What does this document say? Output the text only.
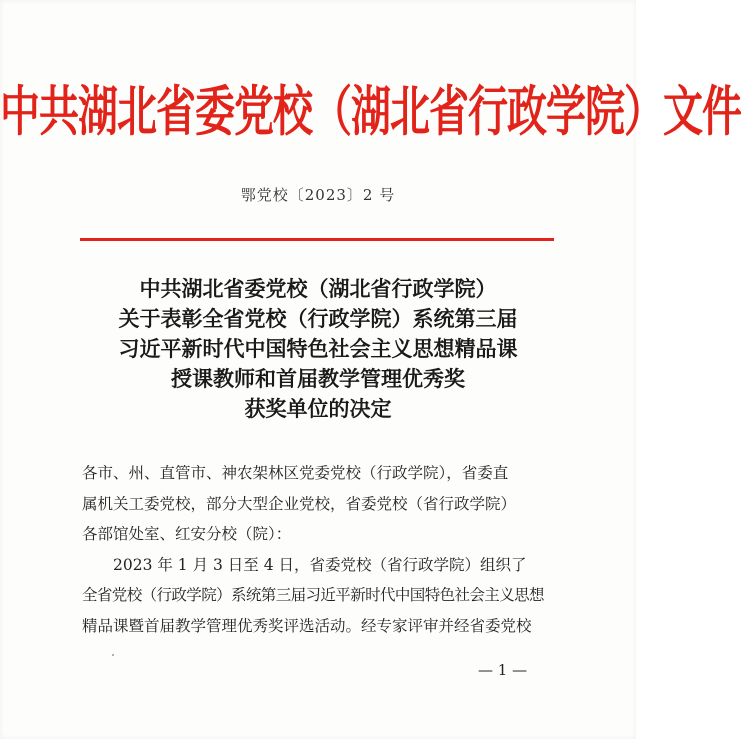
中共湖北省委党校（湖北省行政学院）文件
鄂党校〔2023〕2 号
中共湖北省委党校（湖北省行政学院）
关于表彰全省党校（行政学院）系统第三届
习近平新时代中国特色社会主义思想精品课
授课教师和首届教学管理优秀奖
获奖单位的决定
各市、州、直管市、神农架林区党委党校（行政学院），省委直
属机关工委党校，部分大型企业党校，省委党校（省行政学院）
各部馆处室、红安分校（院）：
2023 年 1 月 3 日至 4 日，省委党校（省行政学院）组织了
全省党校（行政学院）系统第三届习近平新时代中国特色社会主义思想
精品课暨首届教学管理优秀奖评选活动。经专家评审并经省委党校
— 1 —
